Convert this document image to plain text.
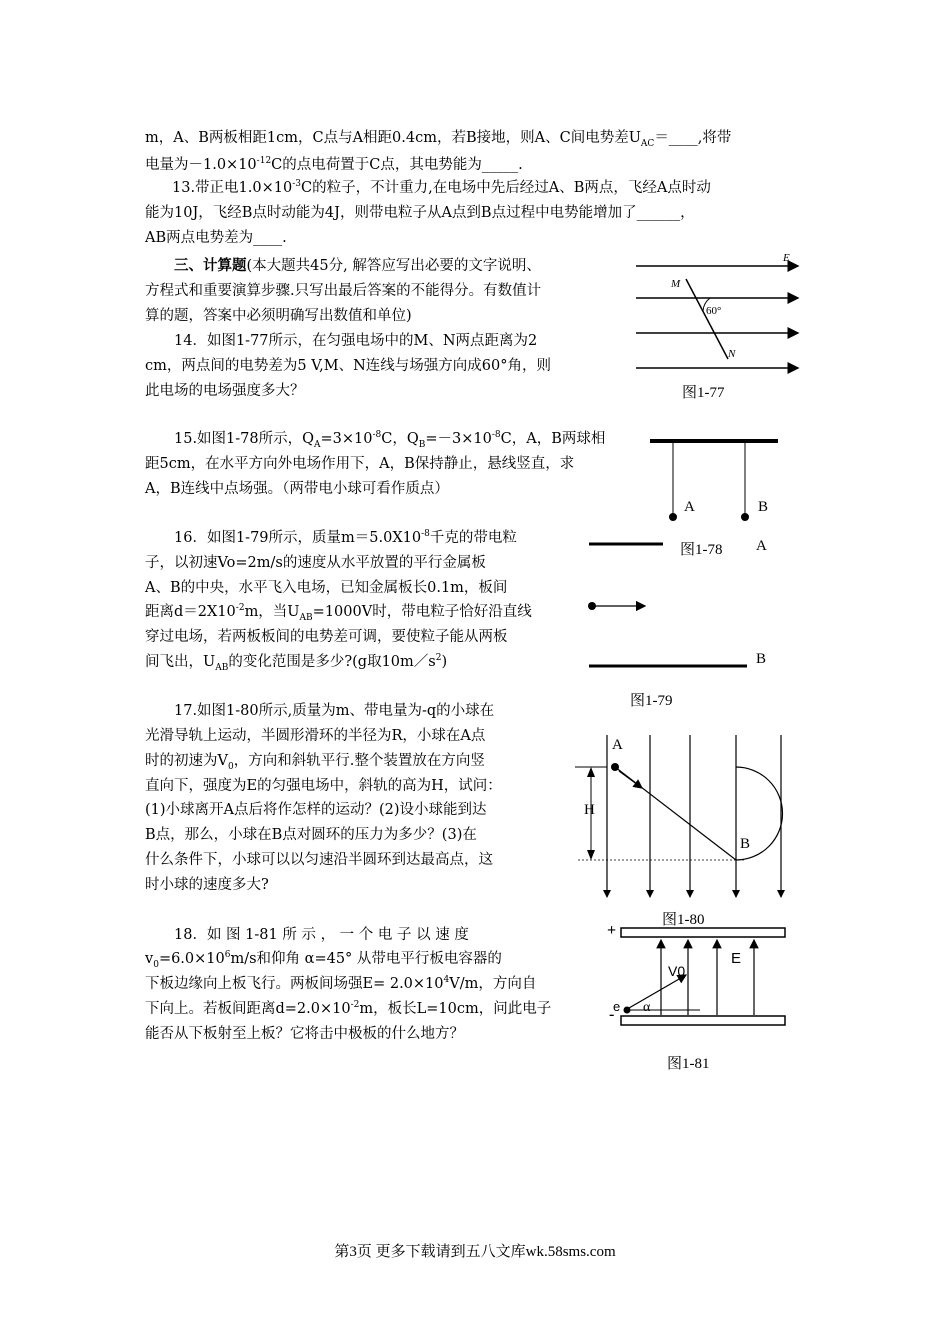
m，A、B两板相距1cm，C点与A相距0.4cm，若B接地，则A、C间电势差$U_{AC}=\_\_\_\_$,将带
电量为$-1.0\times 10^{-12}C$的点电荷置于C点，其电势能为_____.
13.带正电$1.0\times 10^{-3}C$的粒子，不计重力,在电场中先后经过A、B两点，飞经A点时动
能为10J，飞经B点时动能为4J，则带电粒子从A点到B点过程中电势能增加了______，
AB两点电势差为____.
三、计算题(本大题共45分, 解答应写出必要的文字说明、
方程式和重要演算步骤.只写出最后答案的不能得分。有数值计
算的题，答案中必须明确写出数值和单位)
14．如图1-77所示，在匀强电场中的M、N两点距离为2
cm，两点间的电势差为5 V,M、N连线与场强方向成60°角，则
此电场的电场强度多大？
15.如图1-78所示，$Q_A=3\times 10^{-8}C$，$Q_B=-3\times 10^{-8}C$，A，B两球相
距5cm，在水平方向外电场作用下，A，B保持静止，悬线竖直，求
A，B连线中点场强。（两带电小球可看作质点）
16．如图1-79所示，质量$m=5.0X10^{-8}$千克的带电粒
子，以初速Vo=2m/s的速度从水平放置的平行金属板
A、B的中央，水平飞入电场，已知金属板长0.1m，板间
距离$d=2X10^{-2}m$，当$U_{AB}=1000V$时，带电粒子恰好沿直线
穿过电场，若两板板间的电势差可调，要使粒子能从两板
间飞出，$U_{AB}$的变化范围是多少?(g取$10m/s^2$)
17.如图1-80所示,质量为m、带电量为-q的小球在
光滑导轨上运动，半圆形滑环的半径为R，小球在A点
时的初速为$V_0$，方向和斜轨平行.整个装置放在方向竖
直向下，强度为E的匀强电场中，斜轨的高为H，试问：
(1)小球离开A点后将作怎样的运动？(2)设小球能到达
B点，那么，小球在B点对圆环的压力为多少？(3)在
什么条件下，小球可以以匀速沿半圆环到达最高点，这
时小球的速度多大?
18．如 图 1-81 所 示 ， 一 个 电 子 以 速 度
$v_0=6.0\times 10^6m/s$和仰角 α=45° 从带电平行板电容器的
下板边缘向上板飞行。两板间场强$E= 2.0\times 10^4V/m$，方向自
下向上。若板间距离$d=2.0\times 10^{-2}m$，板长L=10cm，问此电子
能否从下板射至上板？它将击中极板的什么地方？
E
M
N
60°
图1-77
A	B
图1-78 A
B
图1-79
A
B
H
图1-80
+
-
V0
E
e α
图1-81
第3页 更多下载请到五八文库wk.58sms.com
